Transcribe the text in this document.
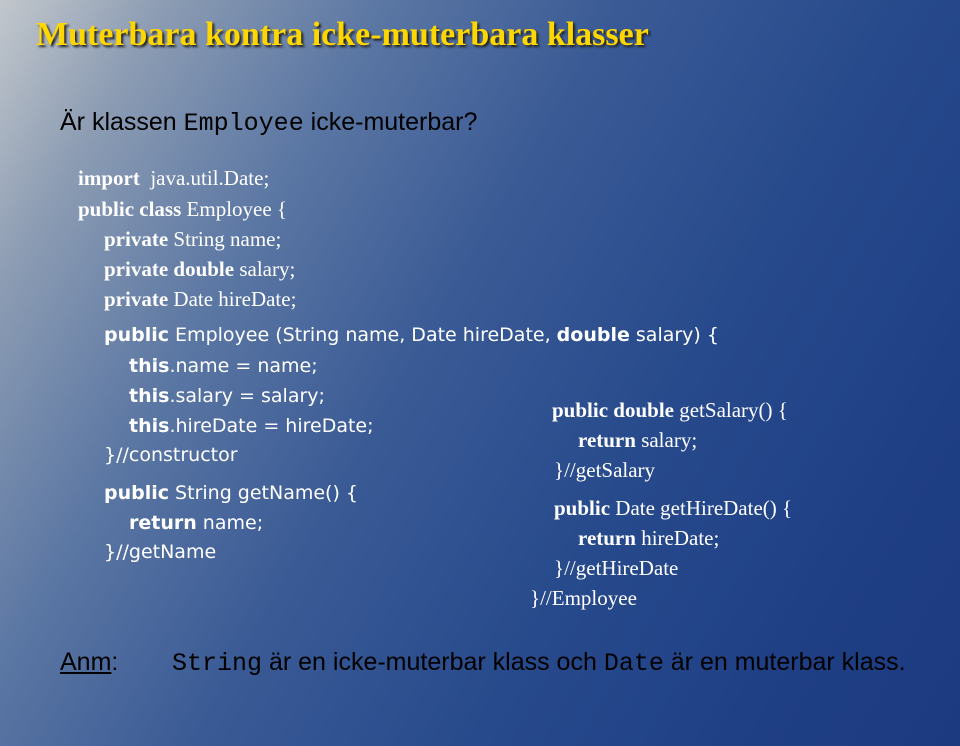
Muterbara kontra icke-muterbara klasser
Är klassen Employee icke-muterbar?
import  java.util.Date;
public class Employee {
private String name;
private double salary;
private Date hireDate;
public Employee (String name, Date hireDate, double salary) {
this.name = name;
this.salary = salary;
this.hireDate = hireDate;
}//constructor
public String getName() {
return name;
}//getName
public double getSalary() {
return salary;
}//getSalary
public Date getHireDate() {
return hireDate;
}//getHireDate
}//Employee
Anm: String är en icke-muterbar klass och Date är en muterbar klass.
